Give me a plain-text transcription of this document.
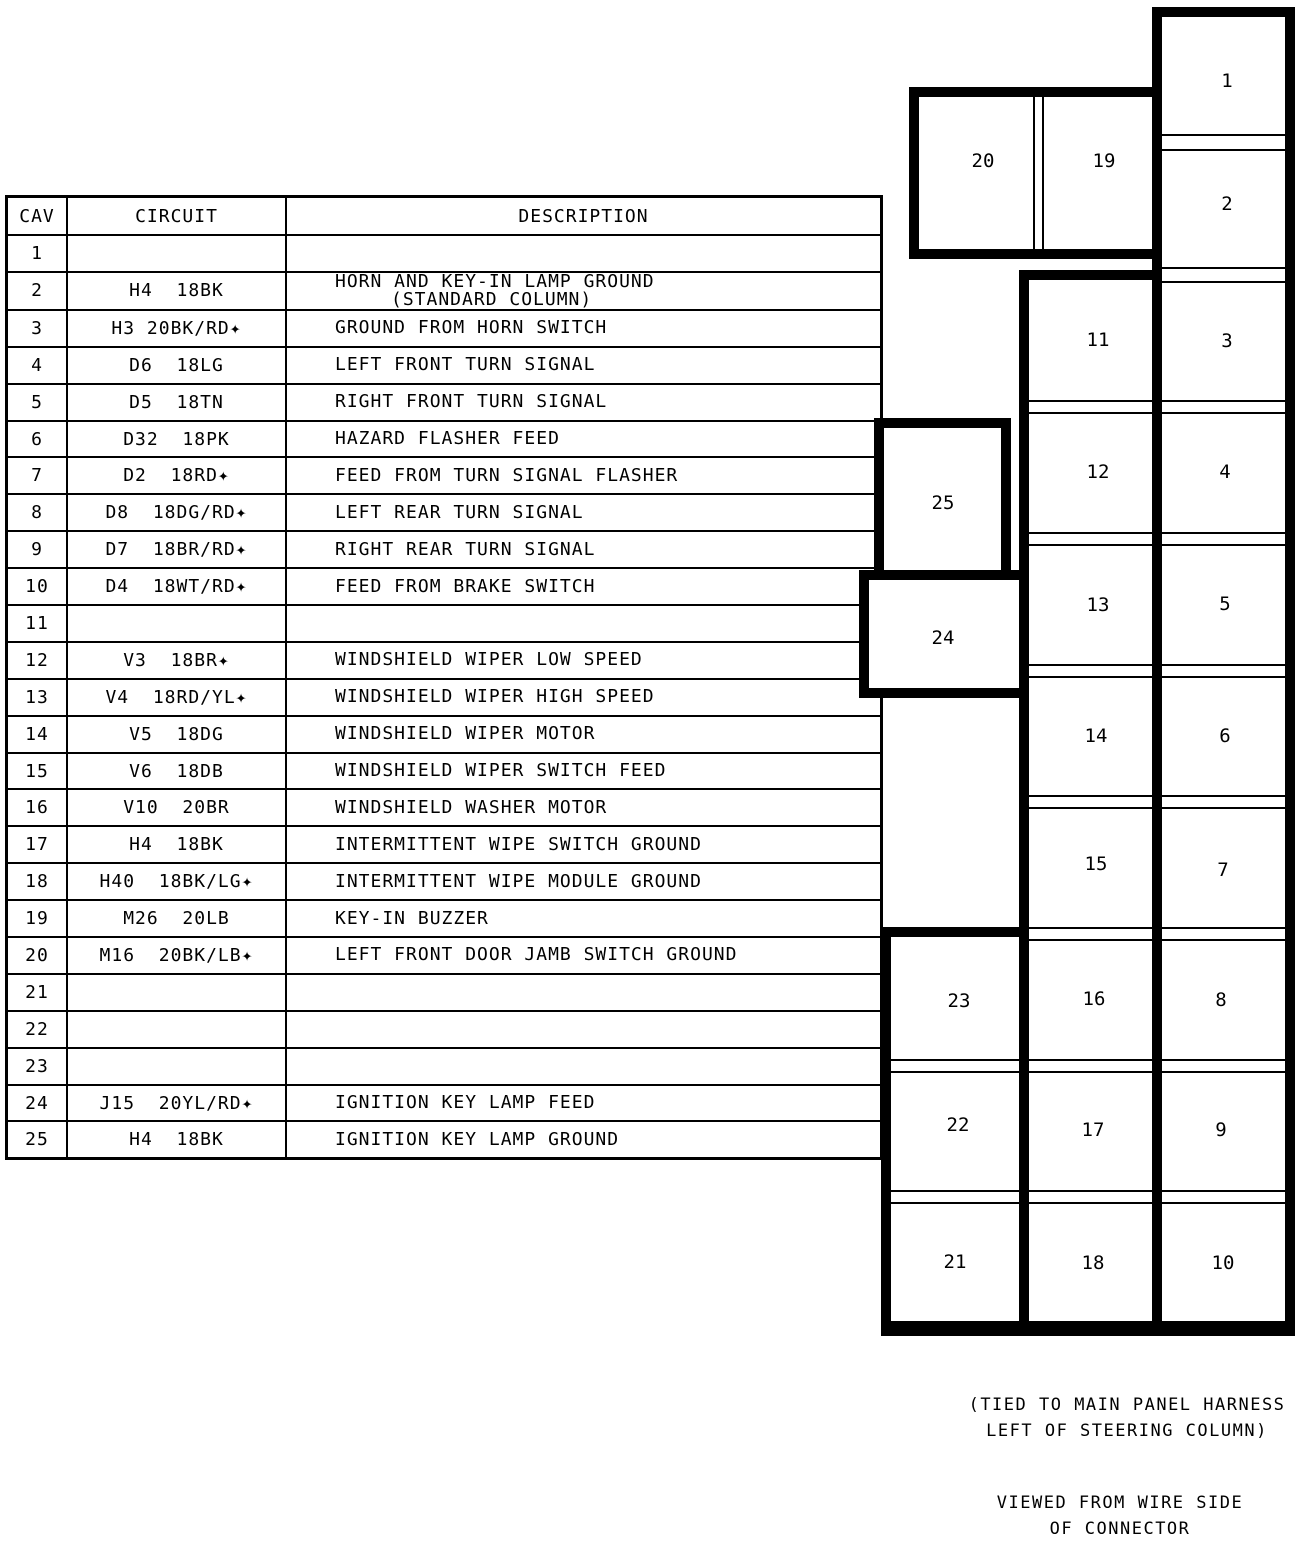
CAV	CIRCUIT	DESCRIPTION
1		

2	H4  18BK	HORN AND KEY-IN LAMP GROUND
(STANDARD COLUMN)

3	H3 20BK/RD✦	GROUND FROM HORN SWITCH

4	D6  18LG	LEFT FRONT TURN SIGNAL

5	D5  18TN	RIGHT FRONT TURN SIGNAL

6	D32  18PK	HAZARD FLASHER FEED

7	D2  18RD✦	FEED FROM TURN SIGNAL FLASHER

8	D8  18DG/RD✦	LEFT REAR TURN SIGNAL

9	D7  18BR/RD✦	RIGHT REAR TURN SIGNAL

10	D4  18WT/RD✦	FEED FROM BRAKE SWITCH

11		

12	V3  18BR✦	WINDSHIELD WIPER LOW SPEED

13	V4  18RD/YL✦	WINDSHIELD WIPER HIGH SPEED

14	V5  18DG	WINDSHIELD WIPER MOTOR

15	V6  18DB	WINDSHIELD WIPER SWITCH FEED

16	V10  20BR	WINDSHIELD WASHER MOTOR

17	H4  18BK	INTERMITTENT WIPE SWITCH GROUND

18	H40  18BK/LG✦	INTERMITTENT WIPE MODULE GROUND

19	M26  20LB	KEY-IN BUZZER

20	M16  20BK/LB✦	LEFT FRONT DOOR JAMB SWITCH GROUND

21		

22		

23		

24	J15  20YL/RD✦	IGNITION KEY LAMP FEED

25	H4  18BK	IGNITION KEY LAMP GROUND
1
2
3
4
5
6
7
8
9
10
11
12
13
14
15
16
17
18
19
20
21
22
23
24
25
(TIED TO MAIN PANEL HARNESS
LEFT OF STEERING COLUMN)
VIEWED FROM WIRE SIDE
OF CONNECTOR
